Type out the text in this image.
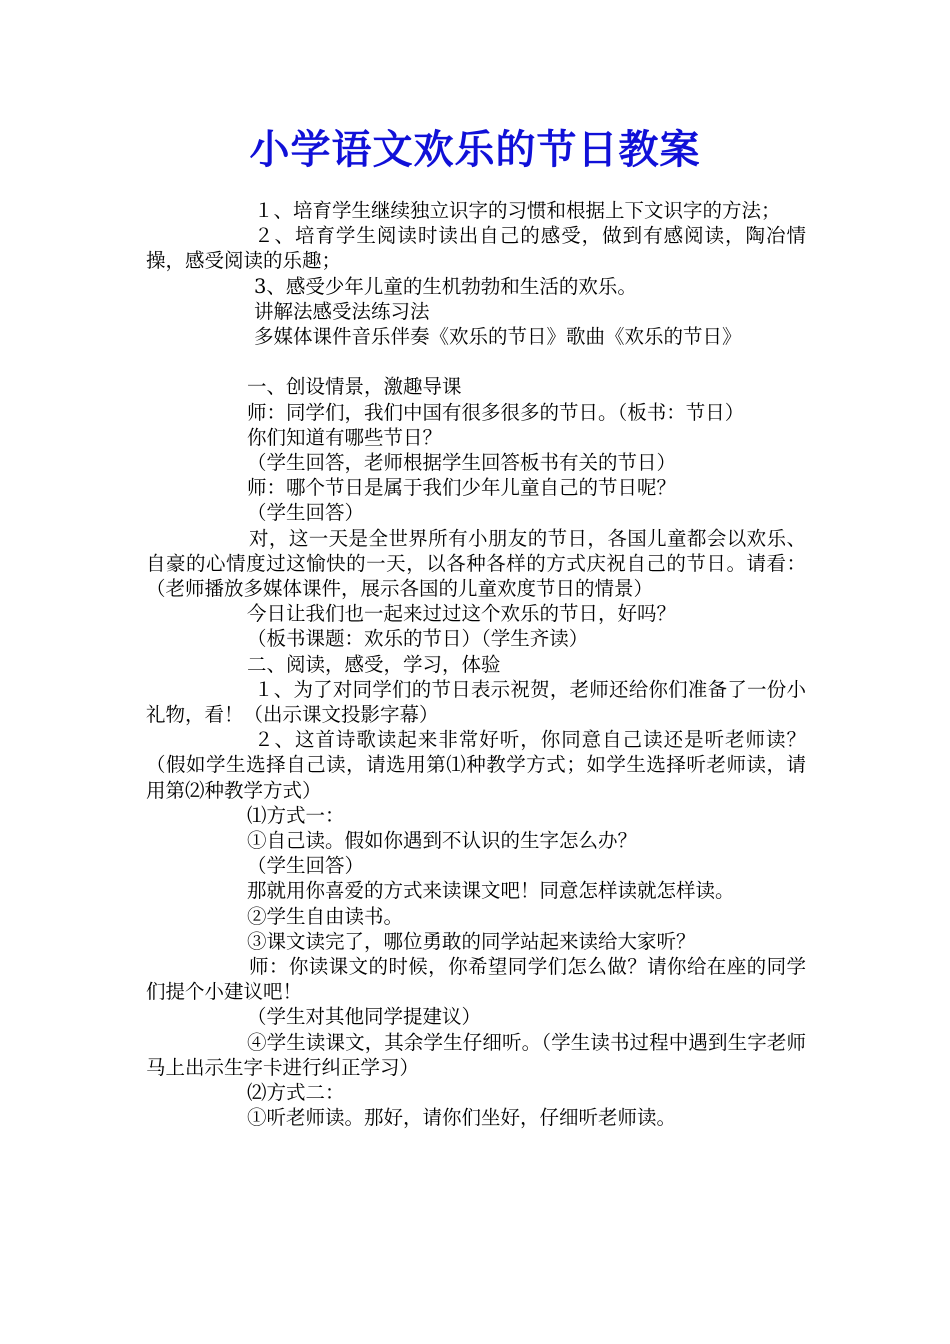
小学语文欢乐的节日教案

１、培育学生继续独立识字的习惯和根据上下文识字的方法；

２、培育学生阅读时读出自己的感受，做到有感阅读，陶冶情操，感受阅读的乐趣；

3、感受少年儿童的生机勃勃和生活的欢乐。

讲解法感受法练习法

多媒体课件音乐伴奏《欢乐的节日》歌曲《欢乐的节日》

一、创设情景，激趣导课

师：同学们，我们中国有很多很多的节日。（板书：节日）

你们知道有哪些节日？

（学生回答，老师根据学生回答板书有关的节日）

师：哪个节日是属于我们少年儿童自己的节日呢？

（学生回答）

对，这一天是全世界所有小朋友的节日，各国儿童都会以欢乐、自豪的心情度过这愉快的一天，以各种各样的方式庆祝自己的节日。请看：（老师播放多媒体课件，展示各国的儿童欢度节日的情景）

今日让我们也一起来过过这个欢乐的节日，好吗？

（板书课题：欢乐的节日）（学生齐读）

二、阅读，感受，学习，体验

１、为了对同学们的节日表示祝贺，老师还给你们准备了一份小礼物，看！（出示课文投影字幕）

２、这首诗歌读起来非常好听，你同意自己读还是听老师读？（假如学生选择自己读，请选用第⑴种教学方式；如学生选择听老师读，请用第⑵种教学方式）

⑴方式一：

①自己读。假如你遇到不认识的生字怎么办？

（学生回答）

那就用你喜爱的方式来读课文吧！同意怎样读就怎样读。

②学生自由读书。

③课文读完了，哪位勇敢的同学站起来读给大家听？

师：你读课文的时候，你希望同学们怎么做？请你给在座的同学们提个小建议吧！

（学生对其他同学提建议）

④学生读课文，其余学生仔细听。（学生读书过程中遇到生字老师马上出示生字卡进行纠正学习）

⑵方式二：

①听老师读。那好，请你们坐好，仔细听老师读。
